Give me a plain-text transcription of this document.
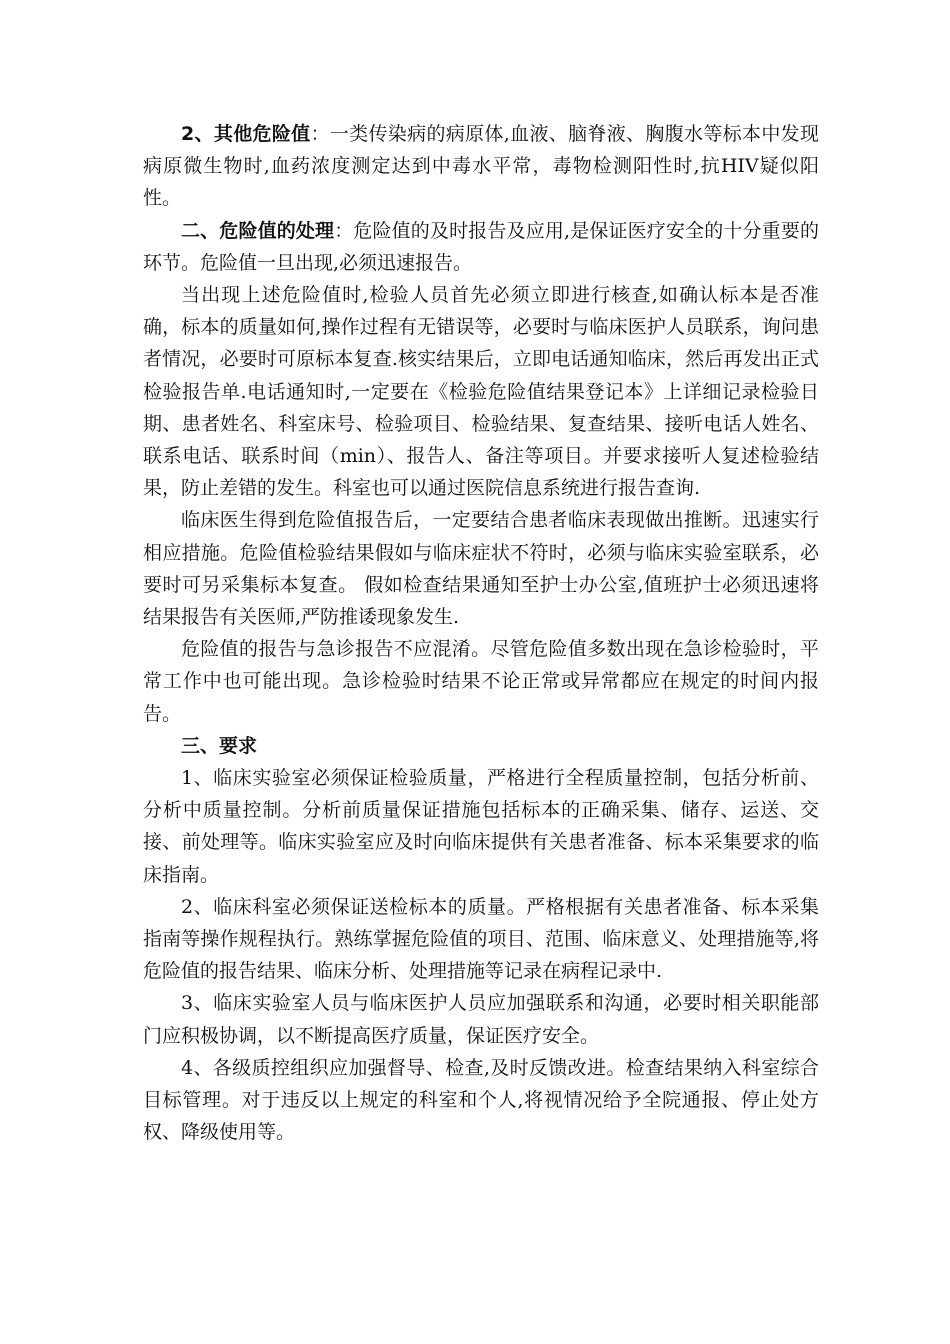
2、其他危险值：一类传染病的病原体,血液、脑脊液、胸腹水等标本中发现病原微生物时,血药浓度测定达到中毒水平常，毒物检测阳性时,抗HIV疑似阳性。

二、危险值的处理：危险值的及时报告及应用,是保证医疗安全的十分重要的环节。危险值一旦出现,必须迅速报告。

当出现上述危险值时,检验人员首先必须立即进行核查,如确认标本是否准确，标本的质量如何,操作过程有无错误等，必要时与临床医护人员联系，询问患者情况，必要时可原标本复查.核实结果后，立即电话通知临床，然后再发出正式检验报告单.电话通知时,一定要在《检验危险值结果登记本》上详细记录检验日期、患者姓名、科室床号、检验项目、检验结果、复查结果、接听电话人姓名、联系电话、联系时间（min）、报告人、备注等项目。并要求接听人复述检验结果，防止差错的发生。科室也可以通过医院信息系统进行报告查询.

临床医生得到危险值报告后，一定要结合患者临床表现做出推断。迅速实行相应措施。危险值检验结果假如与临床症状不符时，必须与临床实验室联系，必要时可另采集标本复查。 假如检查结果通知至护士办公室,值班护士必须迅速将结果报告有关医师,严防推诿现象发生.

危险值的报告与急诊报告不应混淆。尽管危险值多数出现在急诊检验时，平常工作中也可能出现。急诊检验时结果不论正常或异常都应在规定的时间内报告。

三、要求

1、临床实验室必须保证检验质量，严格进行全程质量控制，包括分析前、分析中质量控制。分析前质量保证措施包括标本的正确采集、储存、运送、交接、前处理等。临床实验室应及时向临床提供有关患者准备、标本采集要求的临床指南。

2、临床科室必须保证送检标本的质量。严格根据有关患者准备、标本采集指南等操作规程执行。熟练掌握危险值的项目、范围、临床意义、处理措施等,将危险值的报告结果、临床分析、处理措施等记录在病程记录中.

3、临床实验室人员与临床医护人员应加强联系和沟通，必要时相关职能部门应积极协调，以不断提高医疗质量，保证医疗安全。

4、各级质控组织应加强督导、检查,及时反馈改进。检查结果纳入科室综合目标管理。对于违反以上规定的科室和个人,将视情况给予全院通报、停止处方权、降级使用等。
